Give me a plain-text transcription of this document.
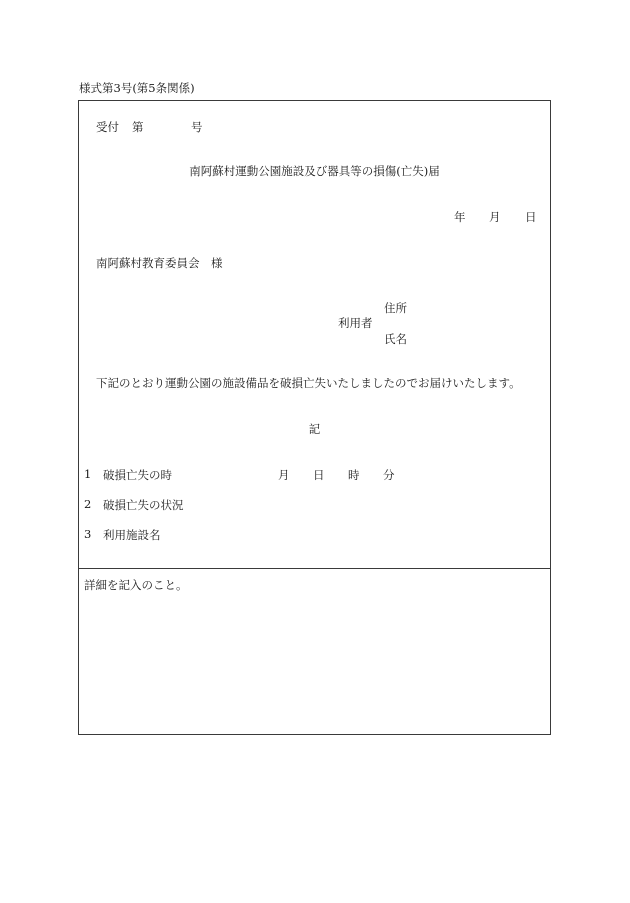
様式第3号(第5条関係)
受付 第	号
南阿蘇村運動公園施設及び器具等の損傷(亡失)届
年 月 日
南阿蘇村教育委員会　様
住所
利用者
氏名
下記のとおり運動公園の施設備品を破損亡失いたしましたのでお届けいたします。
記
1 破損亡失の時	月 日 時 分
2 破損亡失の状況
3 利用施設名
詳細を記入のこと。
